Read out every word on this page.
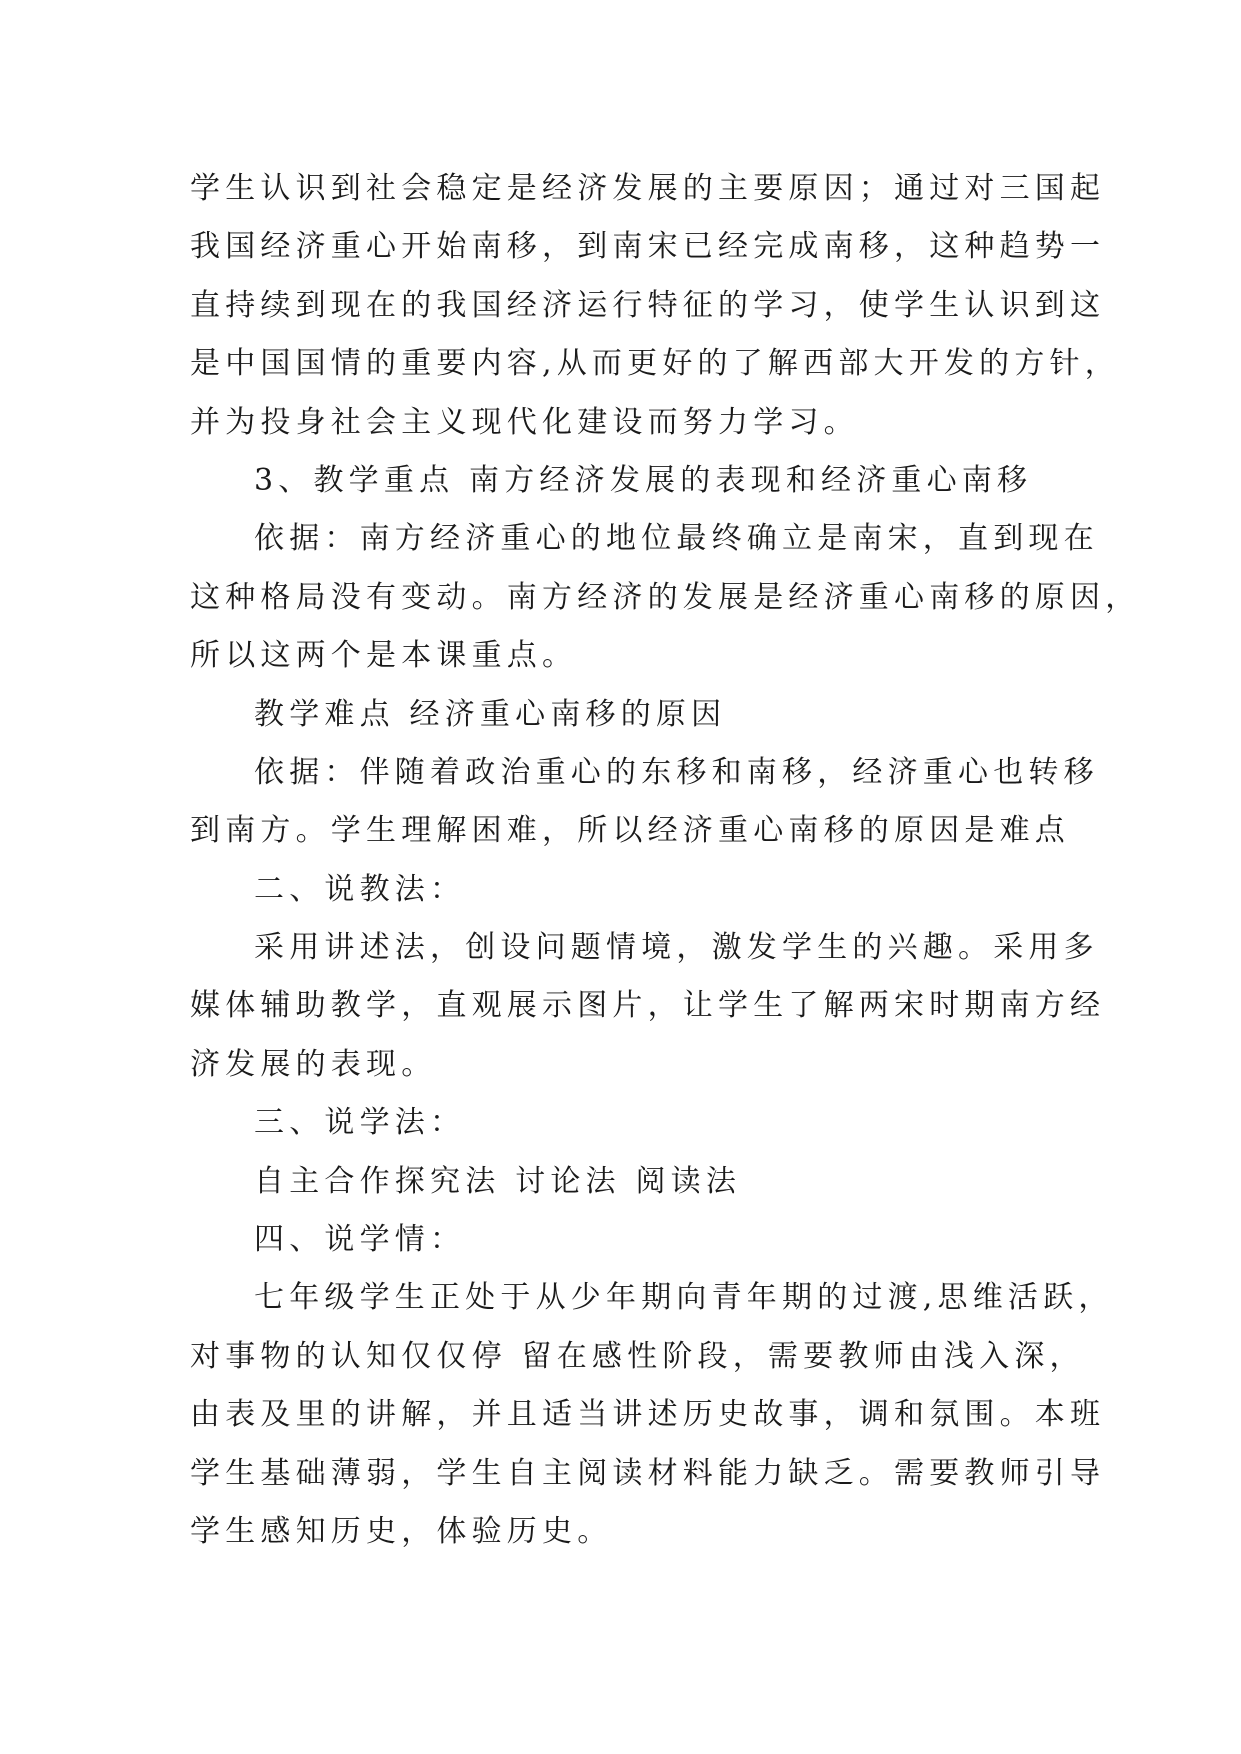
学生认识到社会稳定是经济发展的主要原因；通过对三国起
我国经济重心开始南移，到南宋已经完成南移，这种趋势一
直持续到现在的我国经济运行特征的学习，使学生认识到这
是中国国情的重要内容,从而更好的了解西部大开发的方针，
并为投身社会主义现代化建设而努力学习。
3、教学重点 南方经济发展的表现和经济重心南移
依据：南方经济重心的地位最终确立是南宋，直到现在
这种格局没有变动。南方经济的发展是经济重心南移的原因，
所以这两个是本课重点。
教学难点 经济重心南移的原因
依据：伴随着政治重心的东移和南移，经济重心也转移
到南方。学生理解困难，所以经济重心南移的原因是难点
二、说教法：
采用讲述法，创设问题情境，激发学生的兴趣。采用多
媒体辅助教学，直观展示图片，让学生了解两宋时期南方经
济发展的表现。
三、说学法：
自主合作探究法 讨论法 阅读法
四、说学情：
七年级学生正处于从少年期向青年期的过渡,思维活跃，
对事物的认知仅仅停 留在感性阶段，需要教师由浅入深，
由表及里的讲解，并且适当讲述历史故事，调和氛围。本班
学生基础薄弱，学生自主阅读材料能力缺乏。需要教师引导
学生感知历史，体验历史。
